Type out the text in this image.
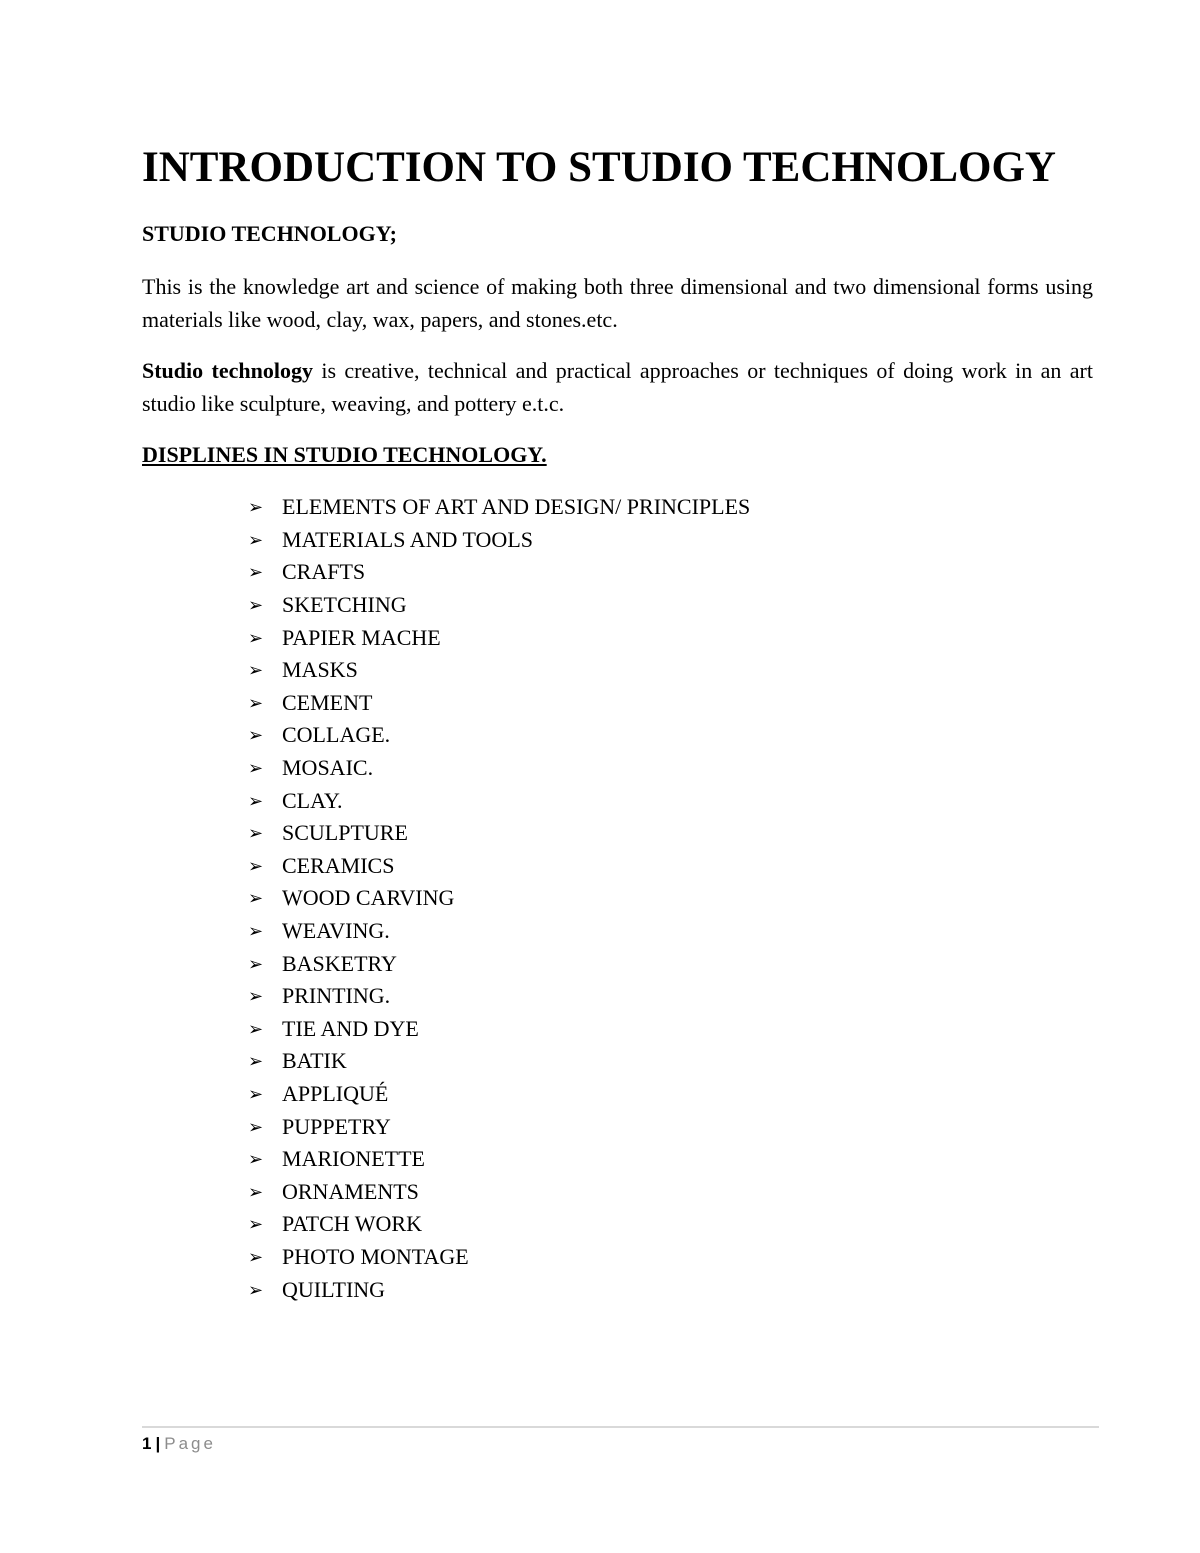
INTRODUCTION TO STUDIO TECHNOLOGY
STUDIO TECHNOLOGY;

This is the knowledge art and science of making both three dimensional and two dimensional forms using materials like wood, clay, wax, papers, and stones.etc.

Studio technology is creative, technical and practical approaches or techniques of doing work in an art studio like sculpture, weaving, and pottery e.t.c.

DISPLINES IN STUDIO TECHNOLOGY.
➢ ELEMENTS OF ART AND DESIGN/ PRINCIPLES
➢ MATERIALS AND TOOLS
➢ CRAFTS
➢ SKETCHING
➢ PAPIER MACHE
➢ MASKS
➢ CEMENT
➢ COLLAGE.
➢ MOSAIC.
➢ CLAY.
➢ SCULPTURE
➢ CERAMICS
➢ WOOD CARVING
➢ WEAVING.
➢ BASKETRY
➢ PRINTING.
➢ TIE AND DYE
➢ BATIK
➢ APPLIQUÉ
➢ PUPPETRY
➢ MARIONETTE
➢ ORNAMENTS
➢ PATCH WORK
➢ PHOTO MONTAGE
➢ QUILTING
1 | Page
